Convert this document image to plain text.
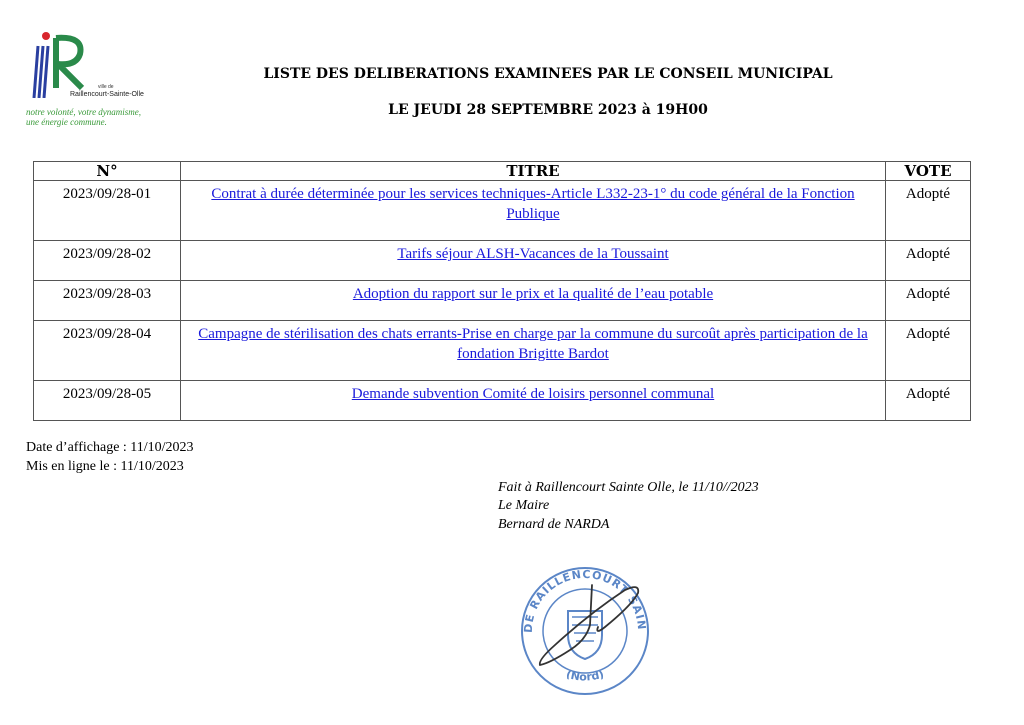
ville de
Raillencourt-Sainte-Olle
notre volonté, votre dynamisme,
une énergie commune.
LISTE DES DELIBERATIONS EXAMINEES PAR LE CONSEIL MUNICIPAL
LE JEUDI 28 SEPTEMBRE 2023 à 19H00
N°	TITRE	VOTE
2023/09/28-01	Contrat à durée déterminée pour les services techniques-Article L332-23-1° du code général de la Fonction Publique	Adopté
2023/09/28-02	Tarifs séjour ALSH-Vacances de la Toussaint	Adopté
2023/09/28-03	Adoption du rapport sur le prix et la qualité de l’eau potable	Adopté
2023/09/28-04	Campagne de stérilisation des chats errants-Prise en charge par la commune du surcoût après participation de la fondation Brigitte Bardot	Adopté
2023/09/28-05	Demande subvention Comité de loisirs personnel communal	Adopté
Date d’affichage : 11/10/2023
Mis en ligne le : 11/10/2023
Fait à Raillencourt Sainte Olle, le 11/10//2023
Le Maire
Bernard de NARDA
DE RAILLENCOURT SAIN
(Nord)
